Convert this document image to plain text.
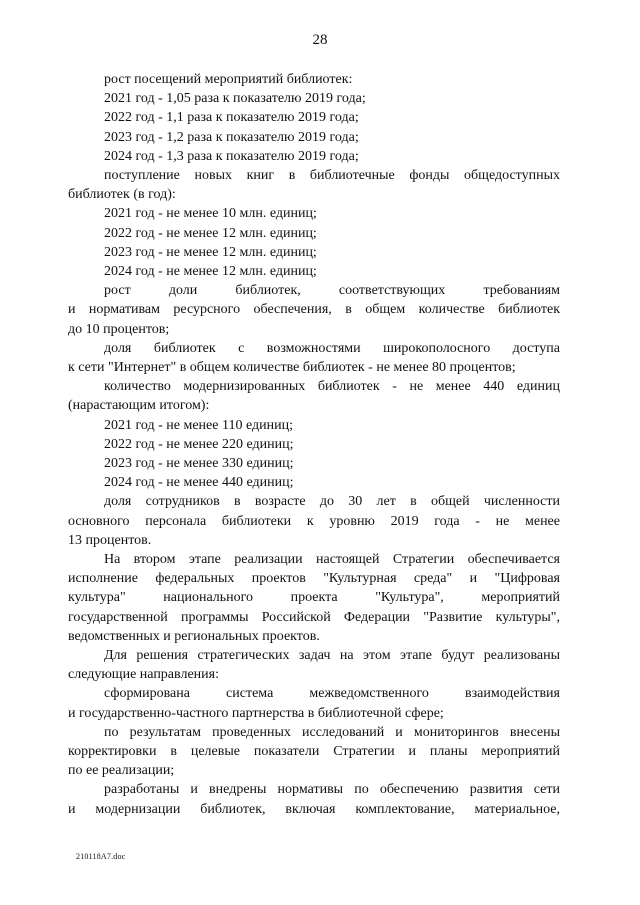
28
рост посещений мероприятий библиотек:
2021 год - 1,05 раза к показателю 2019 года;
2022 год - 1,1 раза к показателю 2019 года;
2023 год - 1,2 раза к показателю 2019 года;
2024 год - 1,3 раза к показателю 2019 года;
поступление новых книг в библиотечные фонды общедоступных
библиотек (в год):
2021 год - не менее 10 млн. единиц;
2022 год - не менее 12 млн. единиц;
2023 год - не менее 12 млн. единиц;
2024 год - не менее 12 млн. единиц;
рост доли библиотек, соответствующих требованиям
и нормативам ресурсного обеспечения, в общем количестве библиотек
до 10 процентов;
доля библиотек с возможностями широкополосного доступа
к сети "Интернет" в общем количестве библиотек - не менее 80 процентов;
количество модернизированных библиотек - не менее 440 единиц
(нарастающим итогом):
2021 год - не менее 110 единиц;
2022 год - не менее 220 единиц;
2023 год - не менее 330 единиц;
2024 год - не менее 440 единиц;
доля сотрудников в возрасте до 30 лет в общей численности
основного персонала библиотеки к уровню 2019 года - не менее
13 процентов.
На втором этапе реализации настоящей Стратегии обеспечивается
исполнение федеральных проектов "Культурная среда" и "Цифровая
культура" национального проекта "Культура", мероприятий
государственной программы Российской Федерации "Развитие культуры",
ведомственных и региональных проектов.
Для решения стратегических задач на этом этапе будут реализованы
следующие направления:
сформирована система межведомственного взаимодействия
и государственно-частного партнерства в библиотечной сфере;
по результатам проведенных исследований и мониторингов внесены
корректировки в целевые показатели Стратегии и планы мероприятий
по ее реализации;
разработаны и внедрены нормативы по обеспечению развития сети
и модернизации библиотек, включая комплектование, материальное,
210118A7.doc
